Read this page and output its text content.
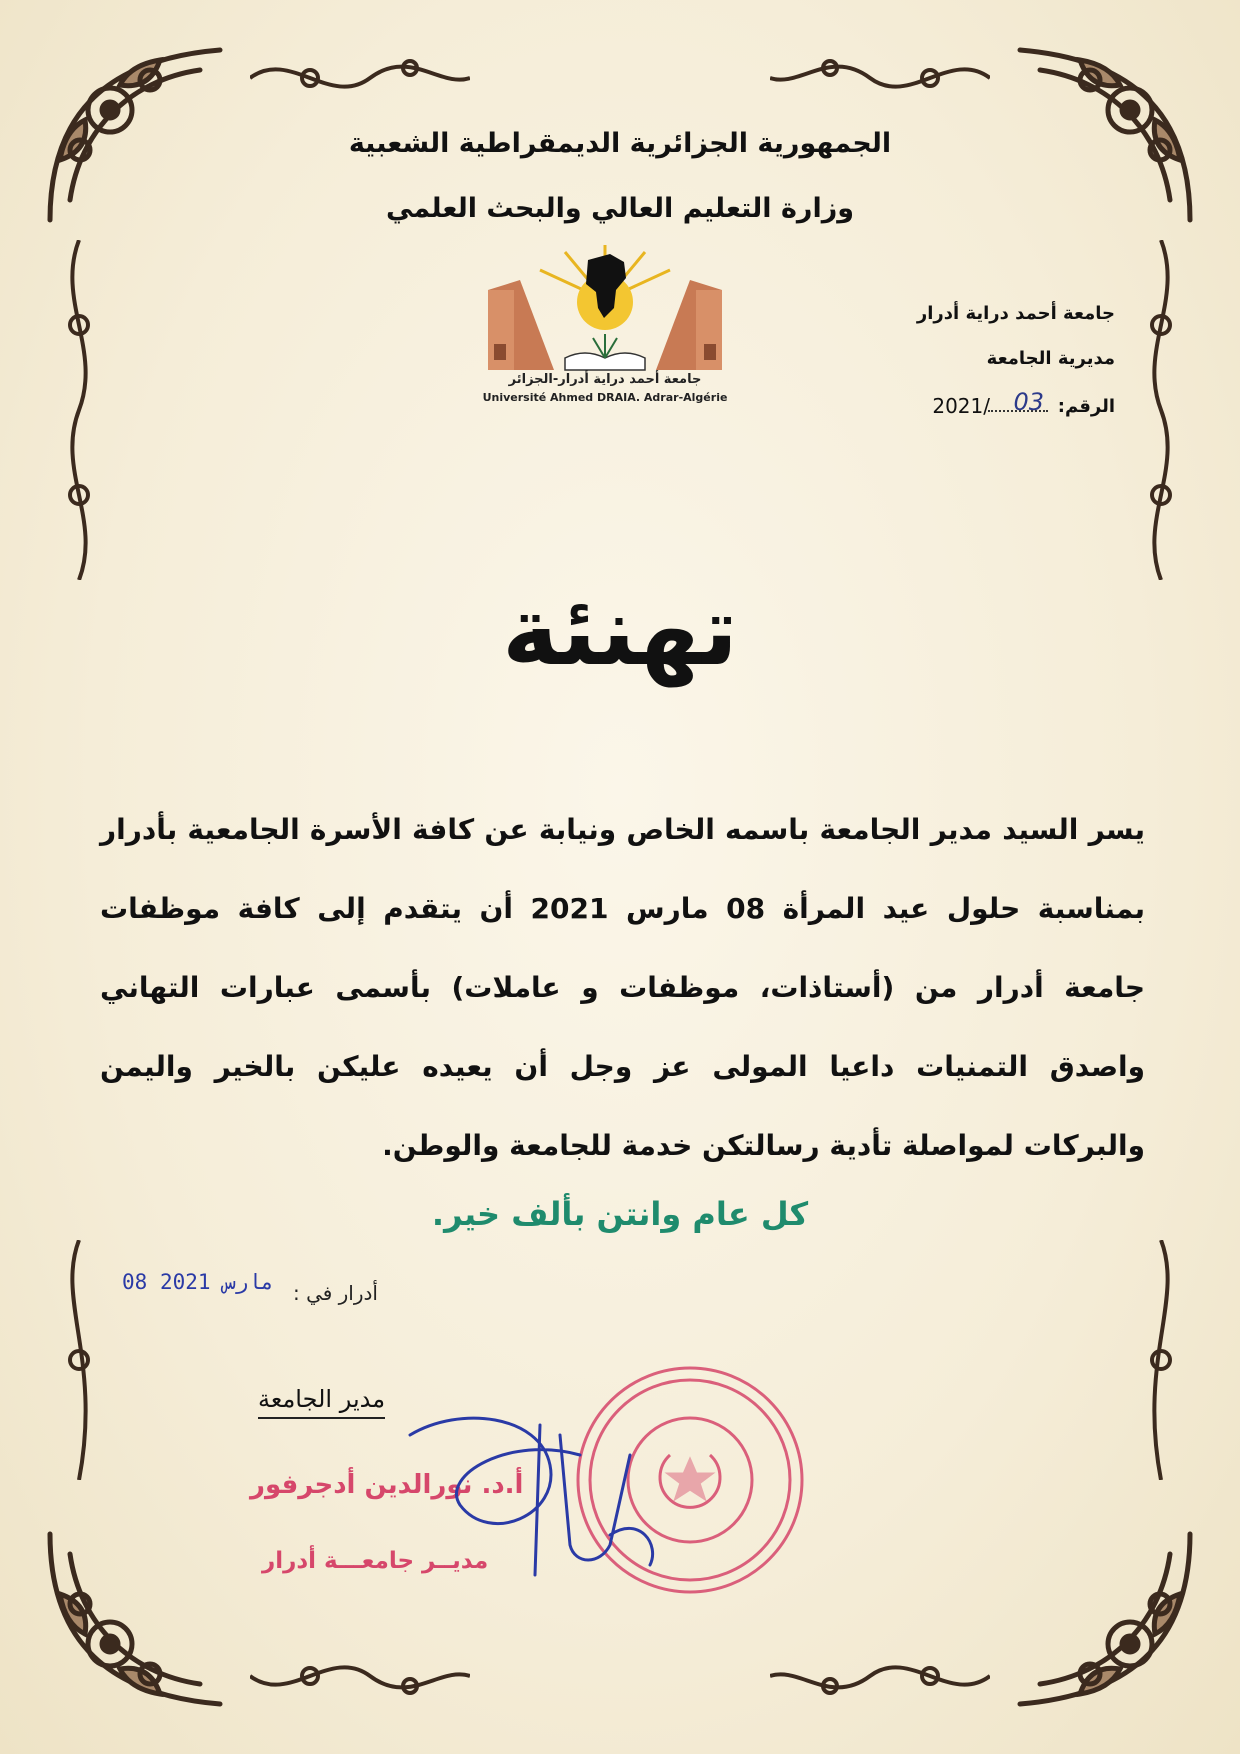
الجمهورية الجزائرية الديمقراطية الشعبية
وزارة التعليم العالي والبحث العلمي
جامعة أحمد دراية أدرار-الجزائر
Université Ahmed DRAIA. Adrar-Algérie
جامعة أحمد دراية أدرار
مديرية الجامعة
الرقم:
03
2021/
تهنئة
يسر السيد مدير الجامعة باسمه الخاص ونيابة عن كافة الأسرة الجامعية بأدرار بمناسبة حلول عيد المرأة 08 مارس 2021 أن يتقدم إلى كافة موظفات جامعة أدرار من (أستاذات، موظفات و عاملات) بأسمى عبارات التهاني واصدق التمنيات داعيا المولى عز وجل أن يعيده عليكن بالخير واليمن والبركات لمواصلة تأدية رسالتكن خدمة للجامعة والوطن.
كل عام وانتن بألف خير.
أدرار في :
08 مارس 2021
مدير الجامعة
أ.د. نورالدين أدجرفور
مديــر جامعـــة أدرار
